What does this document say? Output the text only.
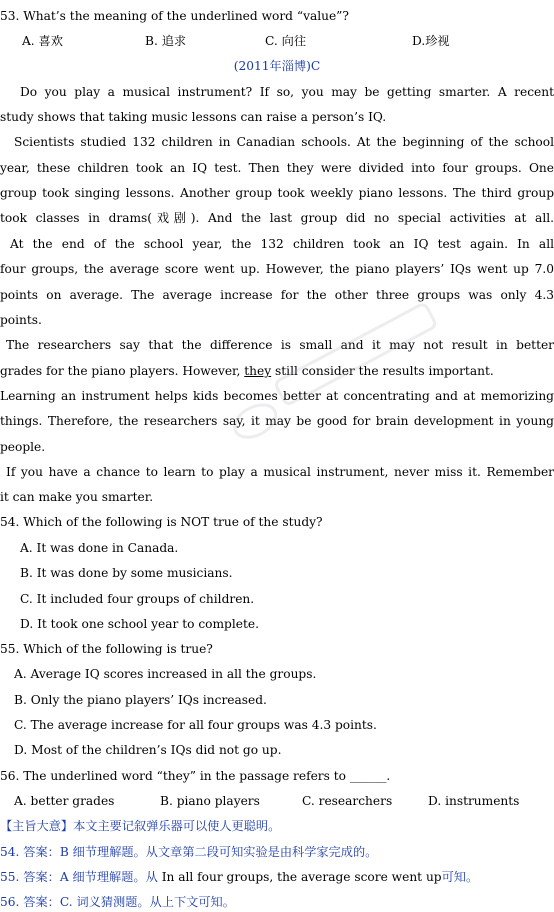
53. What’s the meaning of the underlined word “value”?
A. 喜欢	B. 追求	C. 向往	D.珍视
(2011年淄博)C
Do you play a musical instrument? If so, you may be getting smarter. A recent
study shows that taking music lessons can raise a person’s IQ.
Scientists studied 132 children in Canadian schools. At the beginning of the school
year, these children took an IQ test. Then they were divided into four groups. One
group took singing lessons. Another group took weekly piano lessons. The third group
took classes in drams(戏剧). And the last group did no special activities at all.
At the end of the school year, the 132 children took an IQ test again. In all
four groups, the average score went up. However, the piano players’ IQs went up 7.0
points on average. The average increase for the other three groups was only 4.3
points.
The researchers say that the difference is small and it may not result in better
grades for the piano players. However, they still consider the results important.
Learning an instrument helps kids becomes better at concentrating and at memorizing
things. Therefore, the researchers say, it may be good for brain development in young
people.
If you have a chance to learn to play a musical instrument, never miss it. Remember
it can make you smarter.
54. Which of the following is NOT true of the study?
A. It was done in Canada.
B. It was done by some musicians.
C. It included four groups of children.
D. It took one school year to complete.
55. Which of the following is true?
A. Average IQ scores increased in all the groups.
B. Only the piano players’ IQs increased.
C. The average increase for all four groups was 4.3 points.
D. Most of the children’s IQs did not go up.
56. The underlined word “they” in the passage refers to ______.
A. better grades	B. piano players	C. researchers	D. instruments
【主旨大意】本文主要记叙弹乐器可以使人更聪明。
54. 答案：B 细节理解题。从文章第二段可知实验是由科学家完成的。
55. 答案：A 细节理解题。从 In all four groups, the average score went up可知。
56. 答案：C. 词义猜测题。从上下文可知。
